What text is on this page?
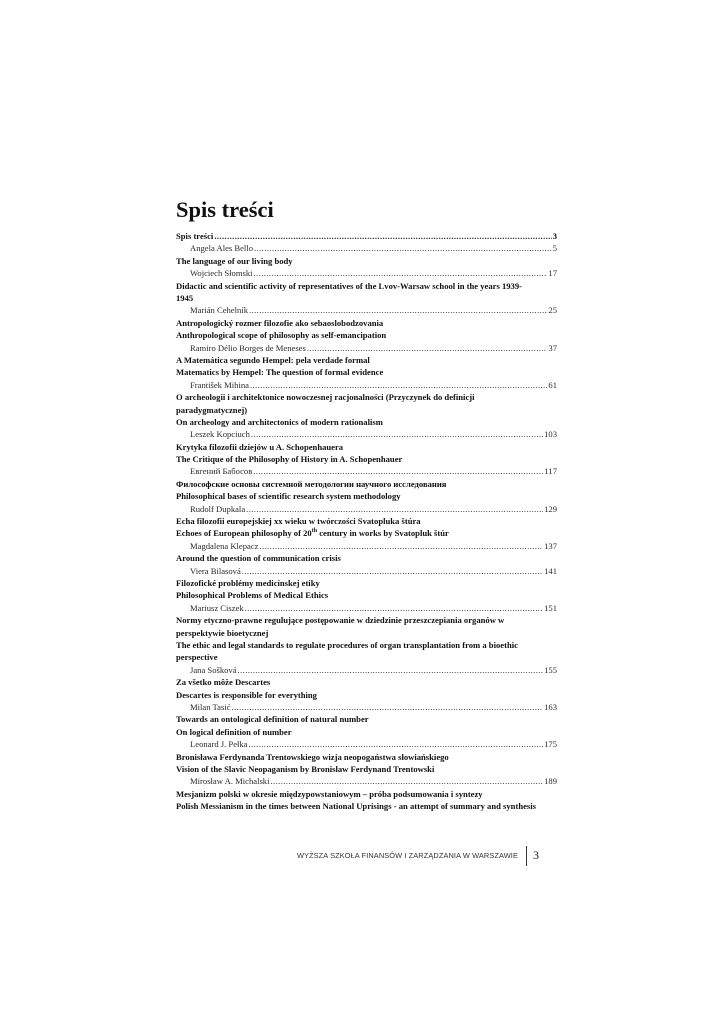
Spis treści
Spis treści .....	3
Angela Ales Bello .....	5
The language of our living body
Wojciech Słomski .....	17
Didactic and scientific activity of representatives of the Lvov-Warsaw school in the years 1939-1945
Marián Cehelník .....	25
Antropologický rozmer filozofie ako sebaoslobodzovania
Anthropological scope of philosophy as self-emancipation
Ramiro Délio Borges de Meneses .....	37
A Matemática segundo Hempel: pela verdade formal
Matematics by Hempel: The question of formal evidence
František Mihina .....	61
O archeologii i architektonice nowoczesnej racjonalności (Przyczynek do definicji paradygmatycznej)
On archeology and architectonics of modern rationalism
Leszek Kopciuch .....	103
Krytyka filozofii dziejów u A. Schopenhauera
The Critique of the Philosophy of History in A. Schopenhauer
Евгений Бабосов .....	117
Философские основы системной методологии научного исследования
Philosophical bases of scientific research system methodology
Rudolf Dupkala .....	129
Echa filozofii europejskiej xx wieku w twórczości Svatopluka štúra
Echoes of European philosophy of 20th century in works by Svatopluk štúr
Magdalena Klepacz .....	137
Around the question of communication crisis
Viera Bilasová .....	141
Filozofické problémy medicínskej etiky
Philosophical Problems of Medical Ethics
Mariusz Ciszek .....	151
Normy etyczno-prawne regulujące postępowanie w dziedzinie przeszczepiania organów w perspektywie bioetycznej
The ethic and legal standards to regulate procedures of organ transplantation from a bioethic perspective
Jana Sošková .....	155
Za všetko môže Descartes
Descartes is responsible for everything
Milan Tasić .....	163
Towards an ontological definition of natural number
On logical definition of number
Leonard J. Pełka .....	175
Bronisława Ferdynanda Trentowskiego wizja neopogaństwa słowiańskiego
Vision of the Slavic Neopaganism by Bronisław Ferdynand Trentowski
Mirosław A. Michalski .....	189
Mesjanizm polski w okresie międzypowstaniowym – próba podsumowania i syntezy
Polish Messianism in the times between National Uprisings - an attempt of summary and synthesis
WYŻSZA SZKOŁA FINANSÓW I ZARZĄDZANIA W WARSZAWIE 3
